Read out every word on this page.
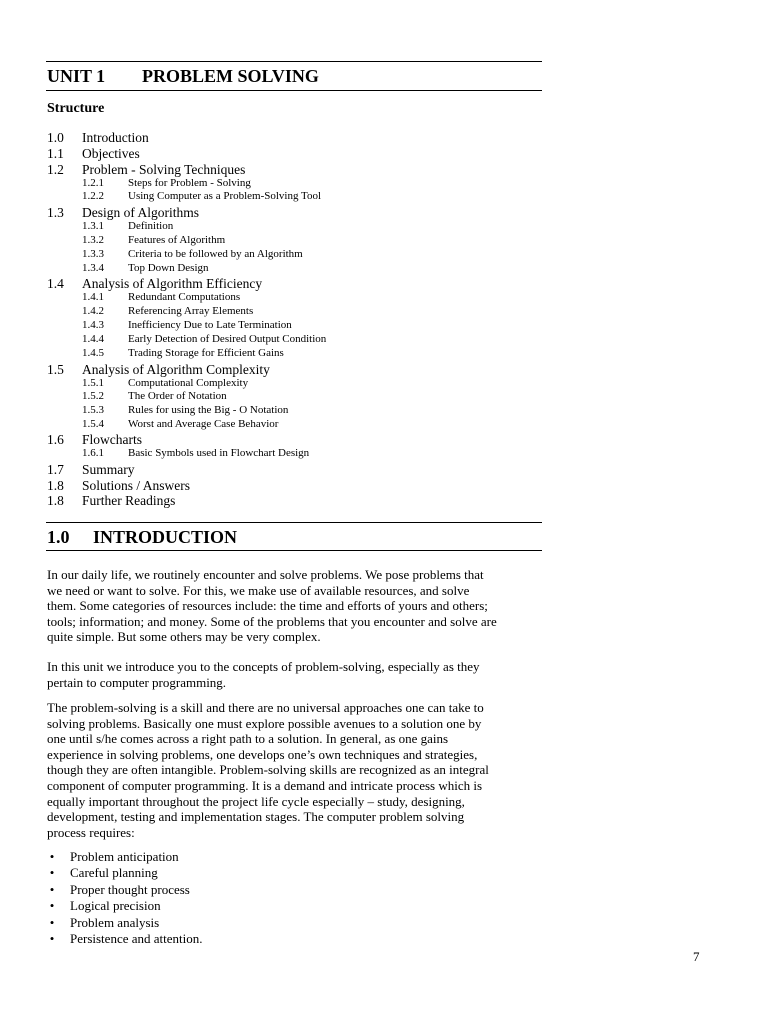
UNIT 1 PROBLEM SOLVING
Structure
1.0 Introduction
1.1 Objectives
1.2 Problem - Solving Techniques
1.2.1 Steps for Problem - Solving
1.2.2 Using Computer as a Problem-Solving Tool
1.3 Design of Algorithms
1.3.1 Definition
1.3.2 Features of Algorithm
1.3.3 Criteria to be followed by an Algorithm
1.3.4 Top Down Design
1.4 Analysis of Algorithm Efficiency
1.4.1 Redundant Computations
1.4.2 Referencing Array Elements
1.4.3 Inefficiency Due to Late Termination
1.4.4 Early Detection of Desired Output Condition
1.4.5 Trading Storage for Efficient Gains
1.5 Analysis of Algorithm Complexity
1.5.1 Computational Complexity
1.5.2 The Order of Notation
1.5.3 Rules for using the Big - O Notation
1.5.4 Worst and Average Case Behavior
1.6 Flowcharts
1.6.1 Basic Symbols used in Flowchart Design
1.7 Summary
1.8 Solutions / Answers
1.8 Further Readings
1.0 INTRODUCTION
In our daily life, we routinely encounter and solve problems. We pose problems that
we need or want to solve. For this, we make use of available resources, and solve
them. Some categories of resources include: the time and efforts of yours and others;
tools; information; and money. Some of the problems that you encounter and solve are
quite simple. But some others may be very complex.
In this unit we introduce you to the concepts of problem-solving, especially as they
pertain to computer programming.
The problem-solving is a skill and there are no universal approaches one can take to
solving problems. Basically one must explore possible avenues to a solution one by
one until s/he comes across a right path to a solution. In general, as one gains
experience in solving problems, one develops one’s own techniques and strategies,
though they are often intangible. Problem-solving skills are recognized as an integral
component of computer programming. It is a demand and intricate process which is
equally important throughout the project life cycle especially – study, designing,
development, testing and implementation stages. The computer problem solving
process requires:
• Problem anticipation
• Careful planning
• Proper thought process
• Logical precision
• Problem analysis
• Persistence and attention.
7
